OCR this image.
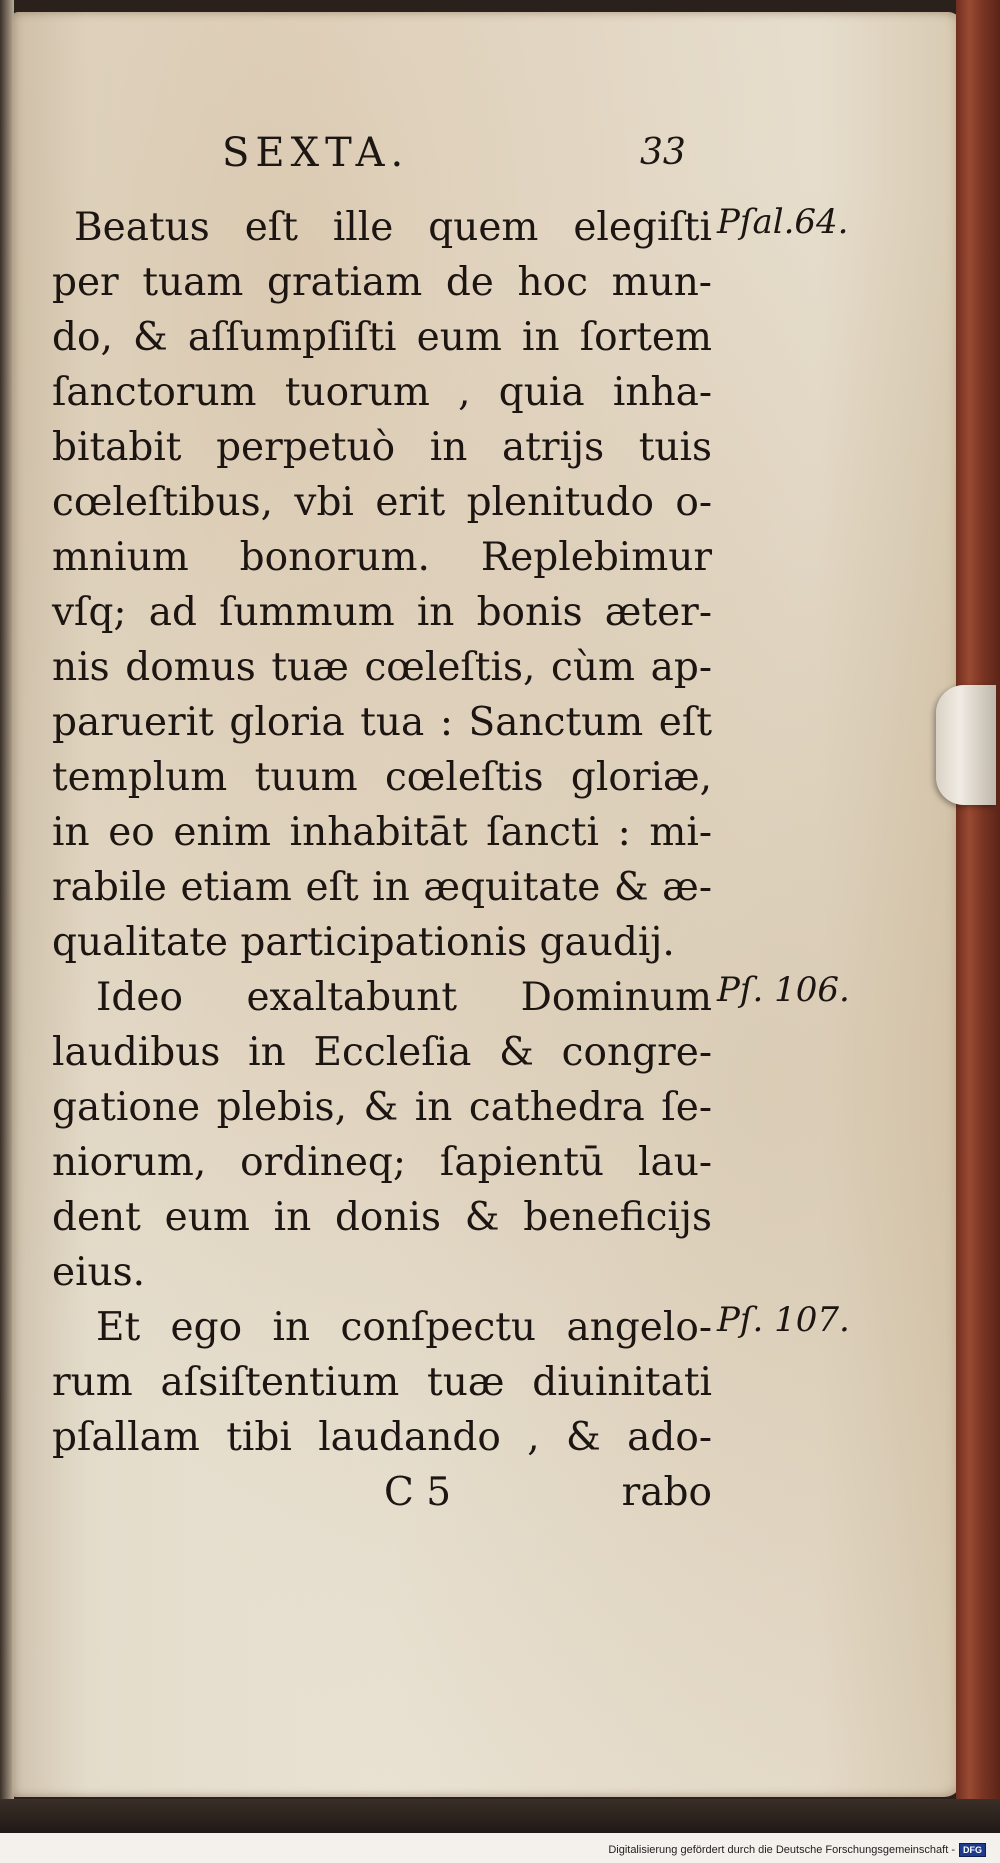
SEXTA.	33
Beatus eſt ille quem elegiſti
per tuam gratiam de hoc mun-
do, & aſſumpſiſti eum in ſortem
ſanctorum tuorum , quia inha-
bitabit perpetuò in atrijs tuis
cœleſtibus, vbi erit plenitudo o-
mnium bonorum. Replebimur
vſq; ad ſummum in bonis æter-
nis domus tuæ cœleſtis, cùm ap-
paruerit gloria tua : Sanctum eſt
templum tuum cœleſtis gloriæ,
in eo enim inhabitāt ſancti : mi-
rabile etiam eſt in æquitate & æ-
qualitate participationis gaudij.
Ideo exaltabunt Dominum
laudibus in Eccleſia & congre-
gatione plebis, & in cathedra ſe-
niorum, ordineq; ſapientū lau-
dent eum in donis & beneficijs
eius.
Et ego in conſpectu angelo-
rum aſsiſtentium tuæ diuinitati
pſallam tibi laudando , & ado-
C 5	rabo
Pſal.64.
Pſ. 106.
Pſ. 107.
Digitalisierung gefördert durch die Deutsche Forschungsgemeinschaft - DFG
